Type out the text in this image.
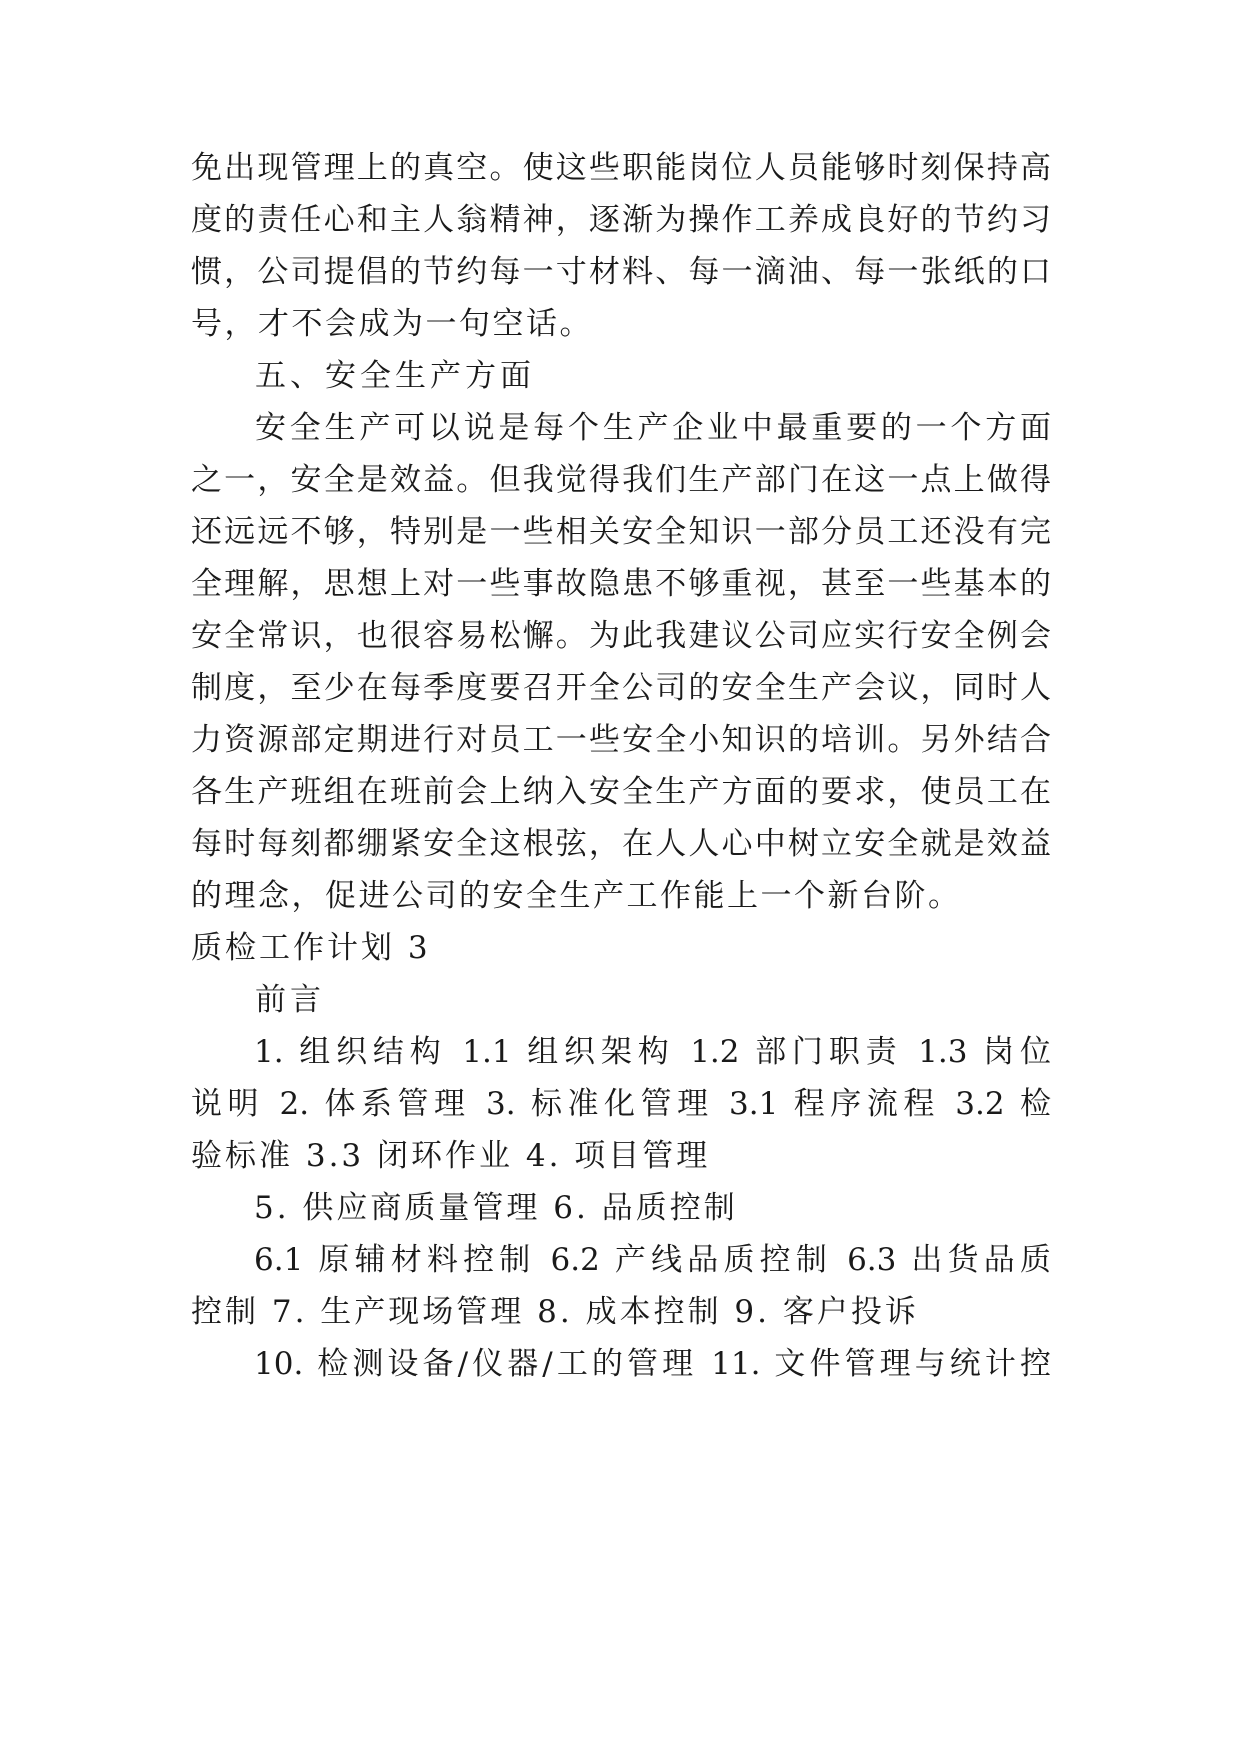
免出现管理上的真空。使这些职能岗位人员能够时刻保持高

度的责任心和主人翁精神，逐渐为操作工养成良好的节约习

惯，公司提倡的节约每一寸材料、每一滴油、每一张纸的口

号，才不会成为一句空话。

五、安全生产方面

安全生产可以说是每个生产企业中最重要的一个方面

之一，安全是效益。但我觉得我们生产部门在这一点上做得

还远远不够，特别是一些相关安全知识一部分员工还没有完

全理解，思想上对一些事故隐患不够重视，甚至一些基本的

安全常识，也很容易松懈。为此我建议公司应实行安全例会

制度，至少在每季度要召开全公司的安全生产会议，同时人

力资源部定期进行对员工一些安全小知识的培训。另外结合

各生产班组在班前会上纳入安全生产方面的要求，使员工在

每时每刻都绷紧安全这根弦，在人人心中树立安全就是效益

的理念，促进公司的安全生产工作能上一个新台阶。

质检工作计划 3

前言

1. 组织结构 1.1 组织架构 1.2 部门职责 1.3 岗位

说明 2. 体系管理 3. 标准化管理 3.1 程序流程 3.2 检

验标准 3.3 闭环作业 4. 项目管理

5. 供应商质量管理 6. 品质控制

6.1 原辅材料控制 6.2 产线品质控制 6.3 出货品质

控制 7. 生产现场管理 8. 成本控制 9. 客户投诉

10. 检测设备/仪器/工的管理 11. 文件管理与统计控
